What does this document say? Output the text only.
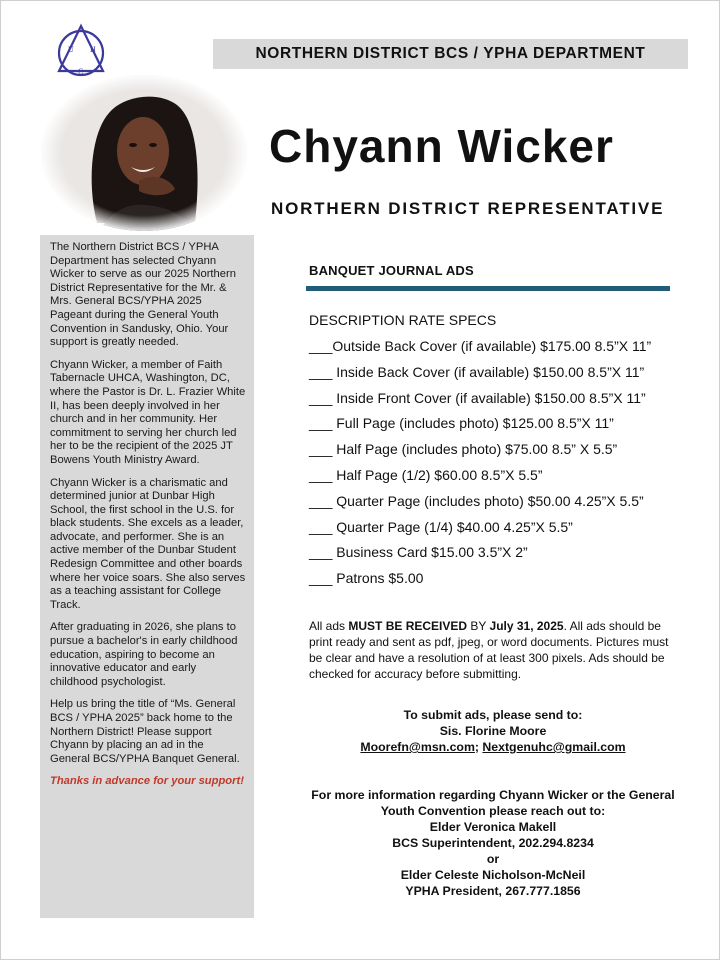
U H
C
NORTHERN DISTRICT BCS / YPHA DEPARTMENT
Chyann Wicker
NORTHERN DISTRICT REPRESENTATIVE

The Northern District BCS / YPHA Department has selected Chyann Wicker to serve as our 2025 Northern District Representative for the Mr. & Mrs. General BCS/YPHA 2025 Pageant during the General Youth Convention in Sandusky, Ohio. Your support is greatly needed.

Chyann Wicker, a member of Faith Tabernacle UHCA, Washington, DC, where the Pastor is Dr. L. Frazier White II, has been deeply involved in her church and in her community. Her commitment to serving her church led her to be the recipient of the 2025 JT Bowens Youth Ministry Award.

Chyann Wicker is a charismatic and determined junior at Dunbar High School, the first school in the U.S. for black students. She excels as a leader, advocate, and performer. She is an active member of the Dunbar Student Redesign Committee and other boards where her voice soars. She also serves as a teaching assistant for College Track.

After graduating in 2026, she plans to pursue a bachelor's in early childhood education, aspiring to become an innovative educator and early childhood psychologist.

Help us bring the title of “Ms. General BCS / YPHA 2025” back home to the Northern District! Please support Chyann by placing an ad in the General BCS/YPHA Banquet General.

Thanks in advance for your support!

BANQUET JOURNAL ADS
DESCRIPTION RATE SPECS
___Outside Back Cover (if available) $175.00 8.5”X 11”
___ Inside Back Cover (if available) $150.00 8.5”X 11”
___ Inside Front Cover (if available) $150.00 8.5”X 11”
___ Full Page (includes photo) $125.00 8.5”X 11”
___ Half Page (includes photo) $75.00 8.5” X 5.5”
___ Half Page (1/2) $60.00 8.5”X 5.5”
___ Quarter Page (includes photo) $50.00 4.25”X 5.5”
___ Quarter Page (1/4) $40.00 4.25”X 5.5”
___ Business Card $15.00 3.5”X 2”
___ Patrons $5.00
All ads MUST BE RECEIVED BY July 31, 2025. All ads should be print ready and sent as pdf, jpeg, or word documents. Pictures must be clear and have a resolution of at least 300 pixels. Ads should be checked for accuracy before submitting.
To submit ads, please send to:
Sis. Florine Moore
Moorefn@msn.com; Nextgenuhc@gmail.com
For more information regarding Chyann Wicker or the General Youth Convention please reach out to:
Elder Veronica Makell
BCS Superintendent, 202.294.8234
or
Elder Celeste Nicholson-McNeil
YPHA President, 267.777.1856
